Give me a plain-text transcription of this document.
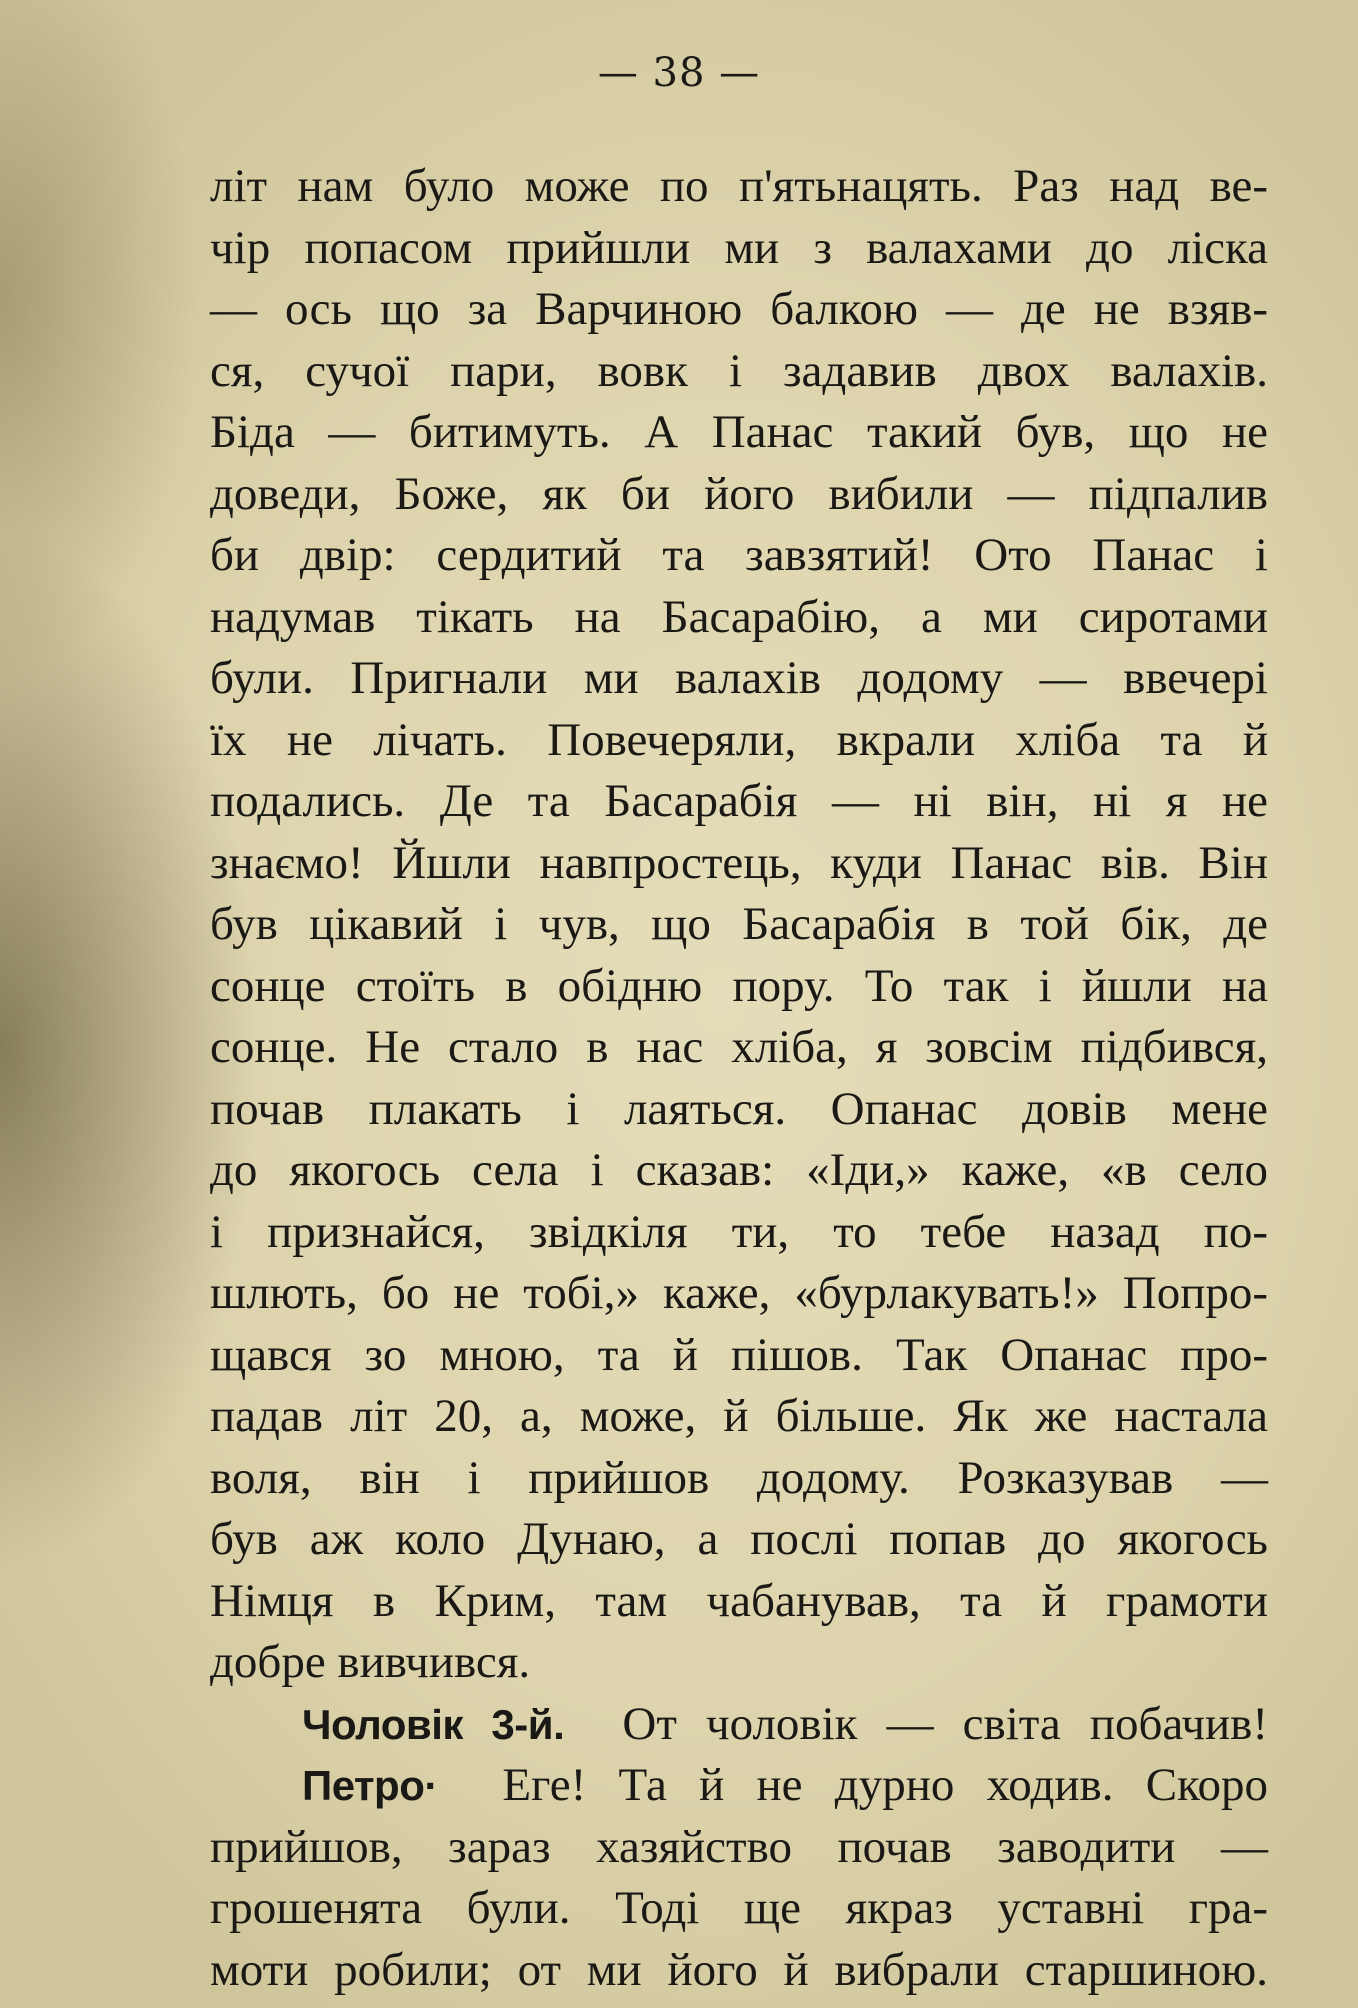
— 38 —
літ нам було може по п'ятьнацять. Раз над ве-
чір попасом прийшли ми з валахами до ліска
— ось що за Варчиною балкою — де не взяв-
ся, сучої пари, вовк і задавив двох валахів.
Біда — битимуть. А Панас такий був, що не
доведи, Боже, як би його вибили — підпалив
би двір: сердитий та завзятий! Ото Панас і
надумав тікать на Басарабію, а ми сиротами
були. Пригнали ми валахів додому — ввечері
їх не лічать. Повечеряли, вкрали хліба та й
подались. Де та Басарабія — ні він, ні я не
знаємо! Йшли навпростець, куди Панас вів. Він
був цікавий і чув, що Басарабія в той бік, де
сонце стоїть в обідню пору. То так і йшли на
сонце. Не стало в нас хліба, я зовсім підбився,
почав плакать і лаяться. Опанас довів мене
до якогось села і сказав: «Іди,» каже, «в село
і признайся, звідкіля ти, то тебе назад по-
шлють, бо не тобі,» каже, «бурлакувать!» Попро-
щався зо мною, та й пішов. Так Опанас про-
падав літ 20, а, може, й більше. Як же настала
воля, він і прийшов додому. Розказував —
був аж коло Дунаю, а послі попав до якогось
Німця в Крим, там чабанував, та й грамоти
добре вивчився.
Чоловік 3-й. От чоловік — світа побачив!
Петро· Еге! Та й не дурно ходив. Скоро
прийшов, зараз хазяйство почав заводити —
грошенята були. Тоді ще якраз уставні гра-
моти робили; от ми його й вибрали старшиною.
